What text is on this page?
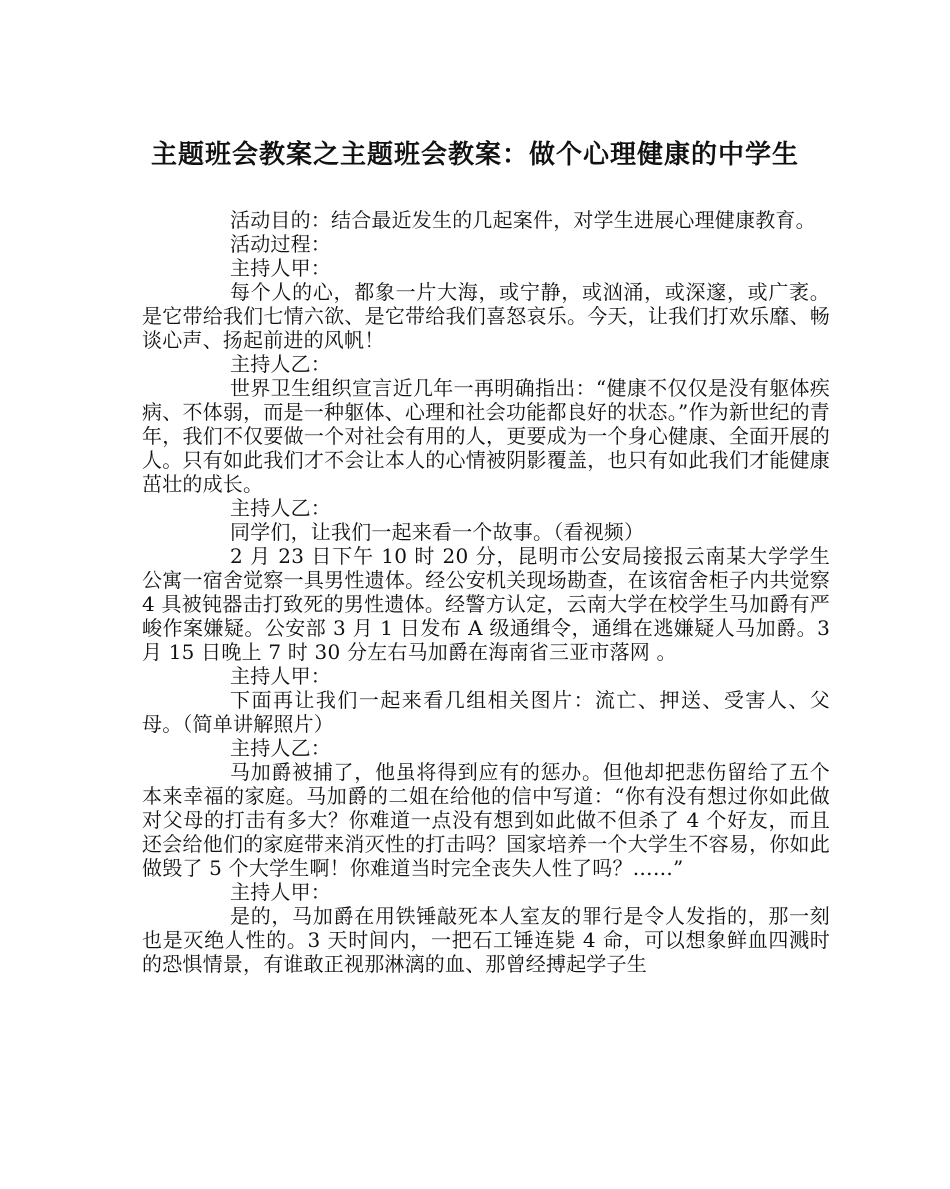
主题班会教案之主题班会教案：做个心理健康的中学生

活动目的：结合最近发生的几起案件，对学生进展心理健康教育。

活动过程：

主持人甲：

每个人的心，都象一片大海，或宁静，或汹涌，或深邃，或广袤。是它带给我们七情六欲、是它带给我们喜怒哀乐。今天，让我们打欢乐靡、畅谈心声、扬起前进的风帆！

主持人乙：

世界卫生组织宣言近几年一再明确指出：“健康不仅仅是没有躯体疾病、不体弱，而是一种躯体、心理和社会功能都良好的状态。”作为新世纪的青年，我们不仅要做一个对社会有用的人，更要成为一个身心健康、全面开展的人。只有如此我们才不会让本人的心情被阴影覆盖，也只有如此我们才能健康茁壮的成长。

主持人乙：

同学们，让我们一起来看一个故事。（看视频）

2 月 23 日下午 10 时 20 分，昆明市公安局接报云南某大学学生公寓一宿舍觉察一具男性遗体。经公安机关现场勘查，在该宿舍柜子内共觉察 4 具被钝器击打致死的男性遗体。经警方认定，云南大学在校学生马加爵有严峻作案嫌疑。公安部 3 月 1 日发布 A 级通缉令，通缉在逃嫌疑人马加爵。3 月 15 日晚上 7 时 30 分左右马加爵在海南省三亚市落网 。

主持人甲：

下面再让我们一起来看几组相关图片：流亡、押送、受害人、父母。（简单讲解照片）

主持人乙：

马加爵被捕了，他虽将得到应有的惩办。但他却把悲伤留给了五个本来幸福的家庭。马加爵的二姐在给他的信中写道：“你有没有想过你如此做对父母的打击有多大？你难道一点没有想到如此做不但杀了 4 个好友，而且还会给他们的家庭带来消灭性的打击吗？国家培养一个大学生不容易，你如此做毁了 5 个大学生啊！你难道当时完全丧失人性了吗？……”

主持人甲：

是的，马加爵在用铁锤敲死本人室友的罪行是令人发指的，那一刻也是灭绝人性的。3 天时间内，一把石工锤连毙 4 命，可以想象鲜血四溅时的恐惧情景，有谁敢正视那淋漓的血、那曾经搏起学子生
